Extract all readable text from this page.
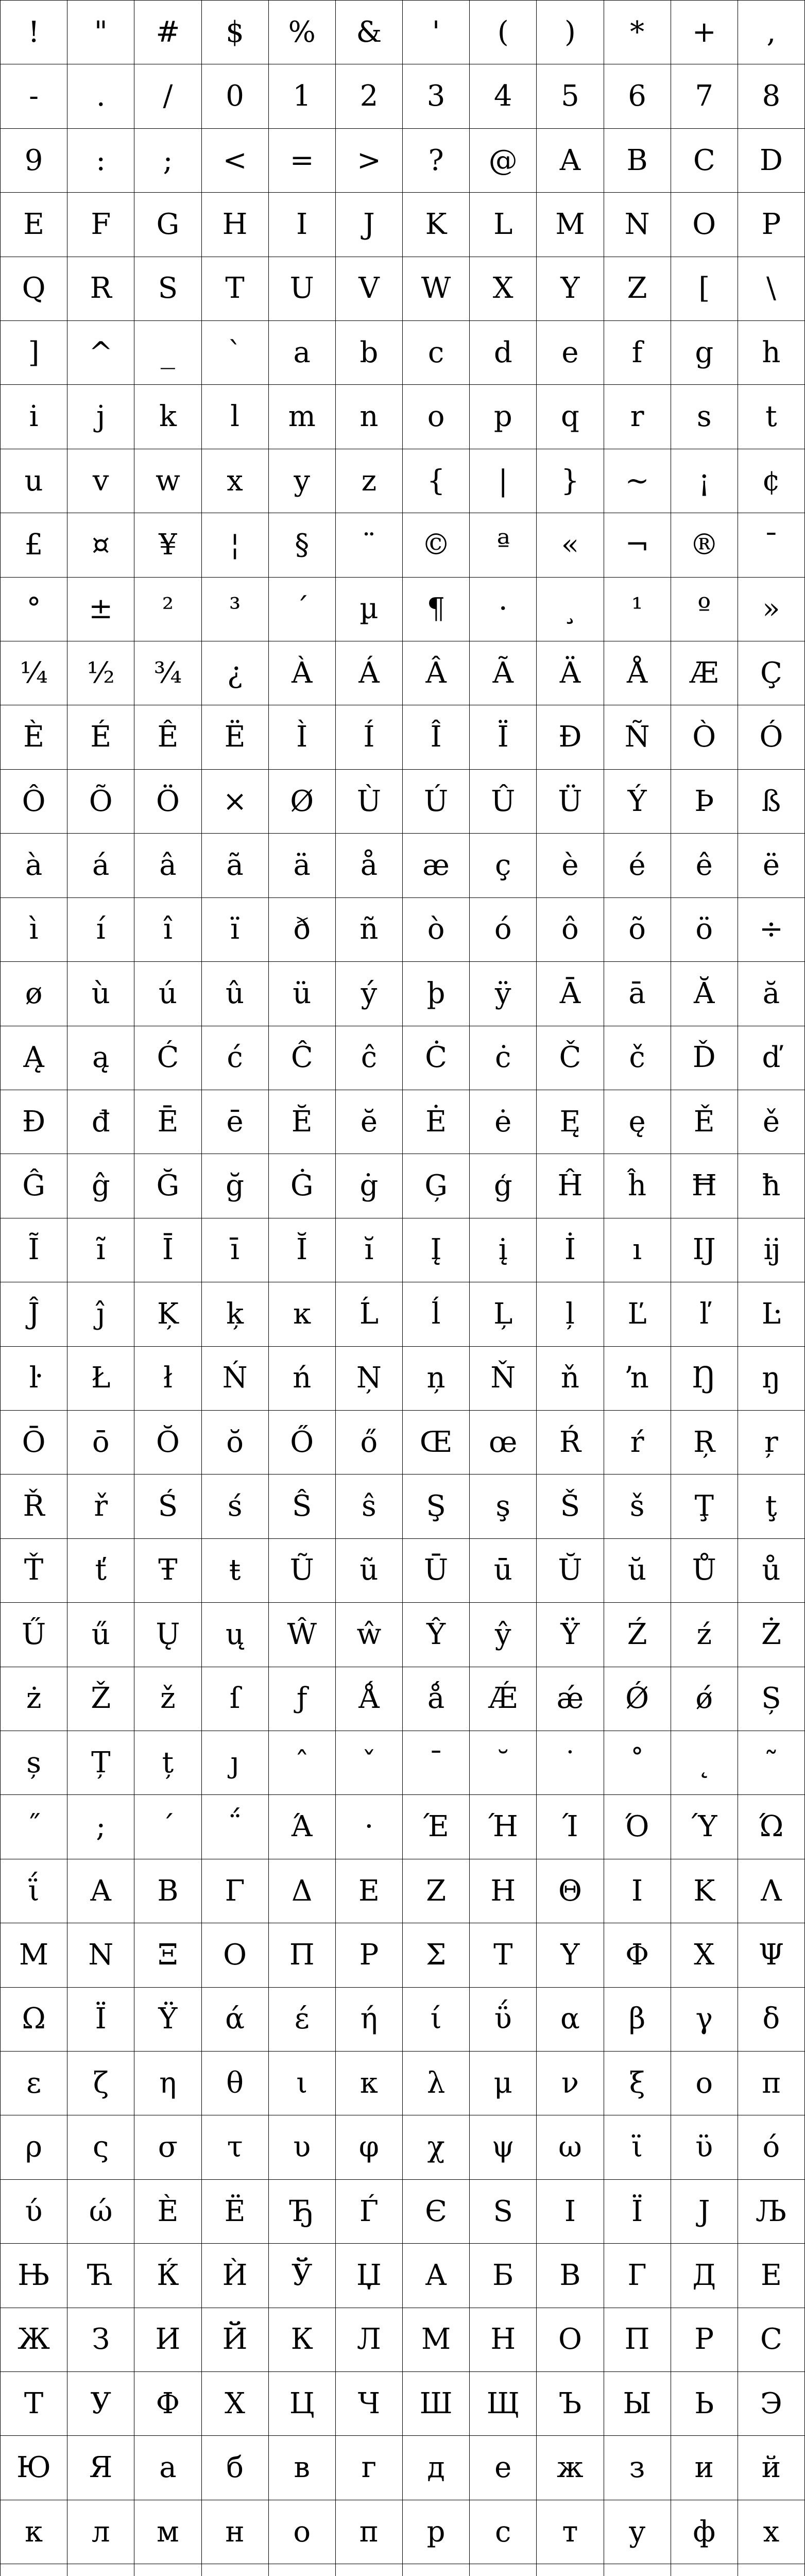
!	"	#	$	%	&	'	(	)	*	+	,
-	.	/	0	1	2	3	4	5	6	7	8
9	:	;	<	=	>	?	@	A	B	C	D
E	F	G	H	I	J	K	L	M	N	O	P
Q	R	S	T	U	V	W	X	Y	Z	[	\
]	^	_	`	a	b	c	d	e	f	g	h
i	j	k	l	m	n	o	p	q	r	s	t
u	v	w	x	y	z	{	|	}	~	¡	¢
£	¤	¥	¦	§	¨	©	ª	«	¬	®	¯
°	±	²	³	´	µ	¶	·	¸	¹	º	»
¼	½	¾	¿	À	Á	Â	Ã	Ä	Å	Æ	Ç
È	É	Ê	Ë	Ì	Í	Î	Ï	Ð	Ñ	Ò	Ó
Ô	Õ	Ö	×	Ø	Ù	Ú	Û	Ü	Ý	Þ	ß
à	á	â	ã	ä	å	æ	ç	è	é	ê	ë
ì	í	î	ï	ð	ñ	ò	ó	ô	õ	ö	÷
ø	ù	ú	û	ü	ý	þ	ÿ	Ā	ā	Ă	ă
Ą	ą	Ć	ć	Ĉ	ĉ	Ċ	ċ	Č	č	Ď	ď
Đ	đ	Ē	ē	Ĕ	ĕ	Ė	ė	Ę	ę	Ě	ě
Ĝ	ĝ	Ğ	ğ	Ġ	ġ	Ģ	ģ	Ĥ	ĥ	Ħ	ħ
Ĩ	ĩ	Ī	ī	Ĭ	ĭ	Į	į	İ	ı	Ĳ	ĳ
Ĵ	ĵ	Ķ	ķ	ĸ	Ĺ	ĺ	Ļ	ļ	Ľ	ľ	Ŀ
ŀ	Ł	ł	Ń	ń	Ņ	ņ	Ň	ň	ŉ	Ŋ	ŋ
Ō	ō	Ŏ	ŏ	Ő	ő	Œ	œ	Ŕ	ŕ	Ŗ	ŗ
Ř	ř	Ś	ś	Ŝ	ŝ	Ş	ş	Š	š	Ţ	ţ
Ť	ť	Ŧ	ŧ	Ũ	ũ	Ū	ū	Ŭ	ŭ	Ů	ů
Ű	ű	Ų	ų	Ŵ	ŵ	Ŷ	ŷ	Ÿ	Ź	ź	Ż
ż	Ž	ž	ſ	ƒ	Ǻ	ǻ	Ǽ	ǽ	Ǿ	ǿ	Ș
ș	Ț	ț	ȷ	ˆ	ˇ	ˉ	˘	˙	˚	˛	˜
˝	;	΄	΅	Ά	·	Έ	Ή	Ί	Ό	Ύ	Ώ
ΐ	Α	Β	Γ	Δ	Ε	Ζ	Η	Θ	Ι	Κ	Λ
Μ	Ν	Ξ	Ο	Π	Ρ	Σ	Τ	Υ	Φ	Χ	Ψ
Ω	Ϊ	Ϋ	ά	έ	ή	ί	ΰ	α	β	γ	δ
ε	ζ	η	θ	ι	κ	λ	μ	ν	ξ	ο	π
ρ	ς	σ	τ	υ	φ	χ	ψ	ω	ϊ	ϋ	ό
ύ	ώ	Ѐ	Ё	Ђ	Ѓ	Є	Ѕ	І	Ї	Ј	Љ
Њ	Ћ	Ќ	Ѝ	Ў	Џ	А	Б	В	Г	Д	Е
Ж	З	И	Й	К	Л	М	Н	О	П	Р	С
Т	У	Ф	Х	Ц	Ч	Ш	Щ	Ъ	Ы	Ь	Э
Ю	Я	а	б	в	г	д	е	ж	з	и	й
к	л	м	н	о	п	р	с	т	у	ф	х
